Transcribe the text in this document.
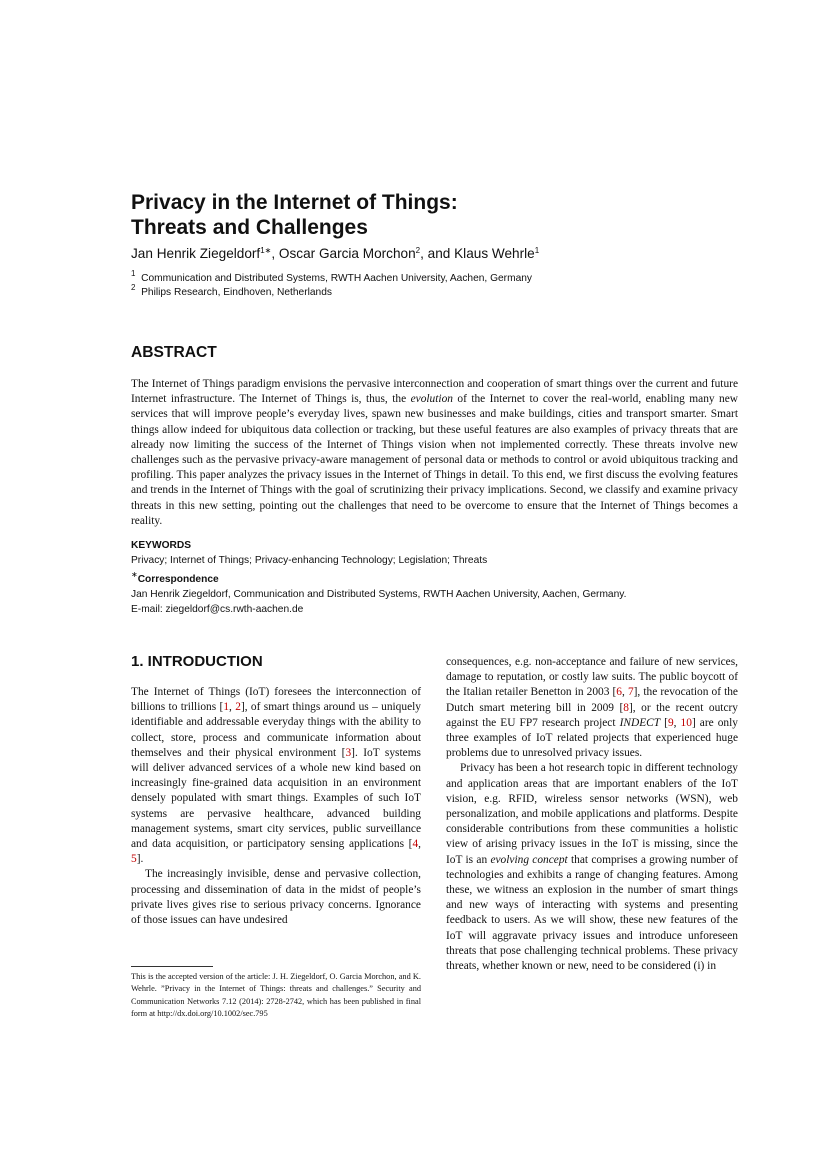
Privacy in the Internet of Things:
Threats and Challenges
Jan Henrik Ziegeldorf$^{1∗}$, Oscar Garcia Morchon$^2$, and Klaus Wehrle$^1$
$^1$ Communication and Distributed Systems, RWTH Aachen University, Aachen, Germany
$^2$ Philips Research, Eindhoven, Netherlands
ABSTRACT

The Internet of Things paradigm envisions the pervasive interconnection and cooperation of smart things over the current and future Internet infrastructure. The Internet of Things is, thus, the evolution of the Internet to cover the real-world, enabling many new services that will improve people’s everyday lives, spawn new businesses and make buildings, cities and transport smarter. Smart things allow indeed for ubiquitous data collection or tracking, but these useful features are also examples of privacy threats that are already now limiting the success of the Internet of Things vision when not implemented correctly. These threats involve new challenges such as the pervasive privacy-aware management of personal data or methods to control or avoid ubiquitous tracking and profiling. This paper analyzes the privacy issues in the Internet of Things in detail. To this end, we first discuss the evolving features and trends in the Internet of Things with the goal of scrutinizing their privacy implications. Second, we classify and examine privacy threats in this new setting, pointing out the challenges that need to be overcome to ensure that the Internet of Things becomes a reality.

KEYWORDS
Privacy; Internet of Things; Privacy-enhancing Technology; Legislation; Threats
∗Correspondence
Jan Henrik Ziegeldorf, Communication and Distributed Systems, RWTH Aachen University, Aachen, Germany.
E-mail: ziegeldorf@cs.rwth-aachen.de
1. INTRODUCTION

The Internet of Things (IoT) foresees the interconnection of billions to trillions [1, 2], of smart things around us – uniquely identifiable and addressable everyday things with the ability to collect, store, process and communicate information about themselves and their physical environment [3]. IoT systems will deliver advanced services of a whole new kind based on increasingly fine-grained data acquisition in an environment densely populated with smart things. Examples of such IoT systems are pervasive healthcare, advanced building management systems, smart city services, public surveillance and data acquisition, or participatory sensing applications [4, 5].

The increasingly invisible, dense and pervasive collection, processing and dissemination of data in the midst of people’s private lives gives rise to serious privacy concerns. Ignorance of those issues can have undesired

This is the accepted version of the article: J. H. Ziegeldorf, O. Garcia Morchon, and K. Wehrle. ”Privacy in the Internet of Things: threats and challenges.” Security and Communication Networks 7.12 (2014): 2728-2742, which has been published in final form at http://dx.doi.org/10.1002/sec.795

consequences, e.g. non-acceptance and failure of new services, damage to reputation, or costly law suits. The public boycott of the Italian retailer Benetton in 2003 [6, 7], the revocation of the Dutch smart metering bill in 2009 [8], or the recent outcry against the EU FP7 research project INDECT [9, 10] are only three examples of IoT related projects that experienced huge problems due to unresolved privacy issues.

Privacy has been a hot research topic in different technology and application areas that are important enablers of the IoT vision, e.g. RFID, wireless sensor networks (WSN), web personalization, and mobile applications and platforms. Despite considerable contributions from these communities a holistic view of arising privacy issues in the IoT is missing, since the IoT is an evolving concept that comprises a growing number of technologies and exhibits a range of changing features. Among these, we witness an explosion in the number of smart things and new ways of interacting with systems and presenting feedback to users. As we will show, these new features of the IoT will aggravate privacy issues and introduce unforeseen threats that pose challenging technical problems. These privacy threats, whether known or new, need to be considered (i) in
